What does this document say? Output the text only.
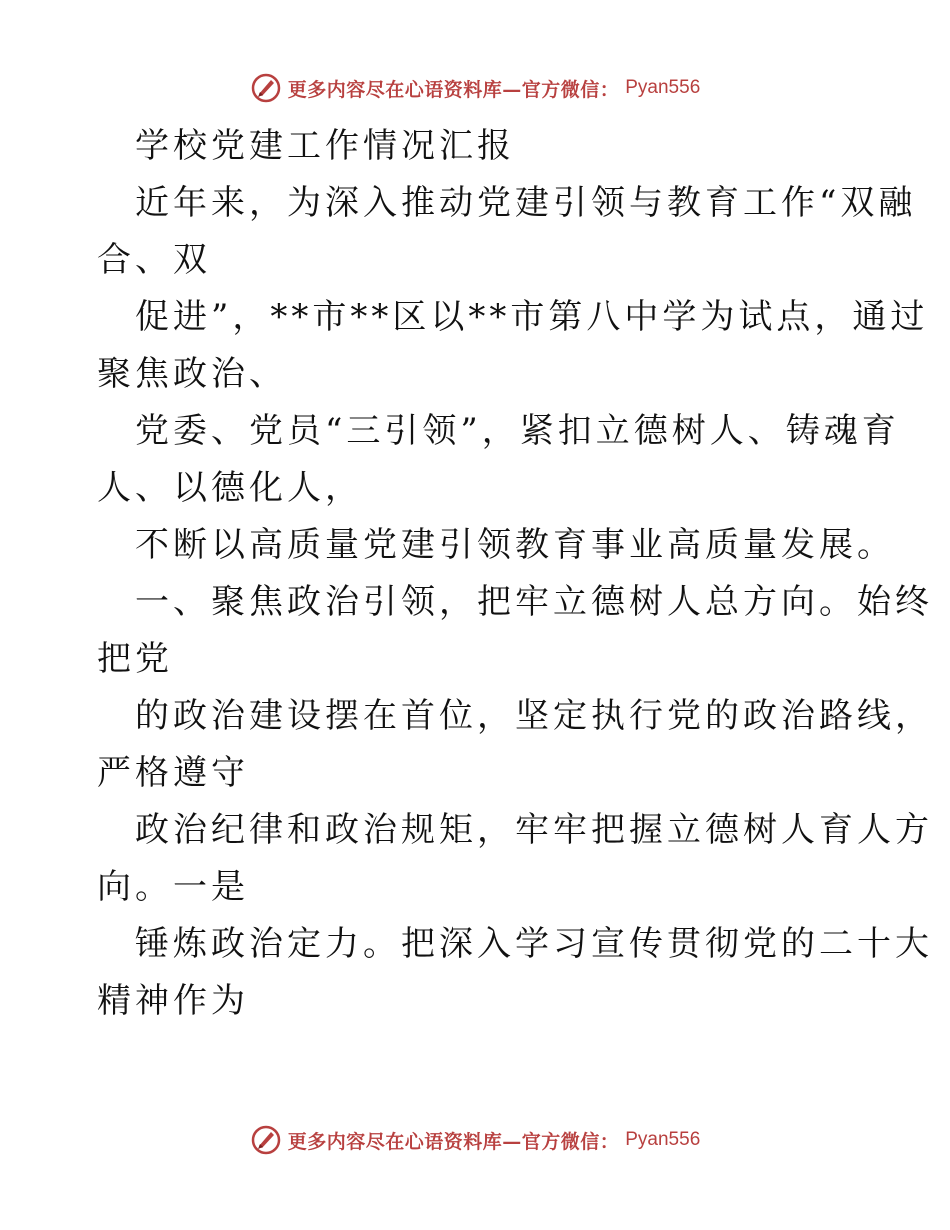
更多内容尽在心语资料库—官方微信： Pyan556
学校党建工作情况汇报
近年来，为深入推动党建引领与教育工作“双融
合、双
促进”，**市**区以**市第八中学为试点，通过
聚焦政治、
党委、党员“三引领”，紧扣立德树人、铸魂育
人、以德化人，
不断以高质量党建引领教育事业高质量发展。
一、聚焦政治引领，把牢立德树人总方向。始终
把党
的政治建设摆在首位，坚定执行党的政治路线，
严格遵守
政治纪律和政治规矩，牢牢把握立德树人育人方
向。一是
锤炼政治定力。把深入学习宣传贯彻党的二十大
精神作为
更多内容尽在心语资料库—官方微信： Pyan556
